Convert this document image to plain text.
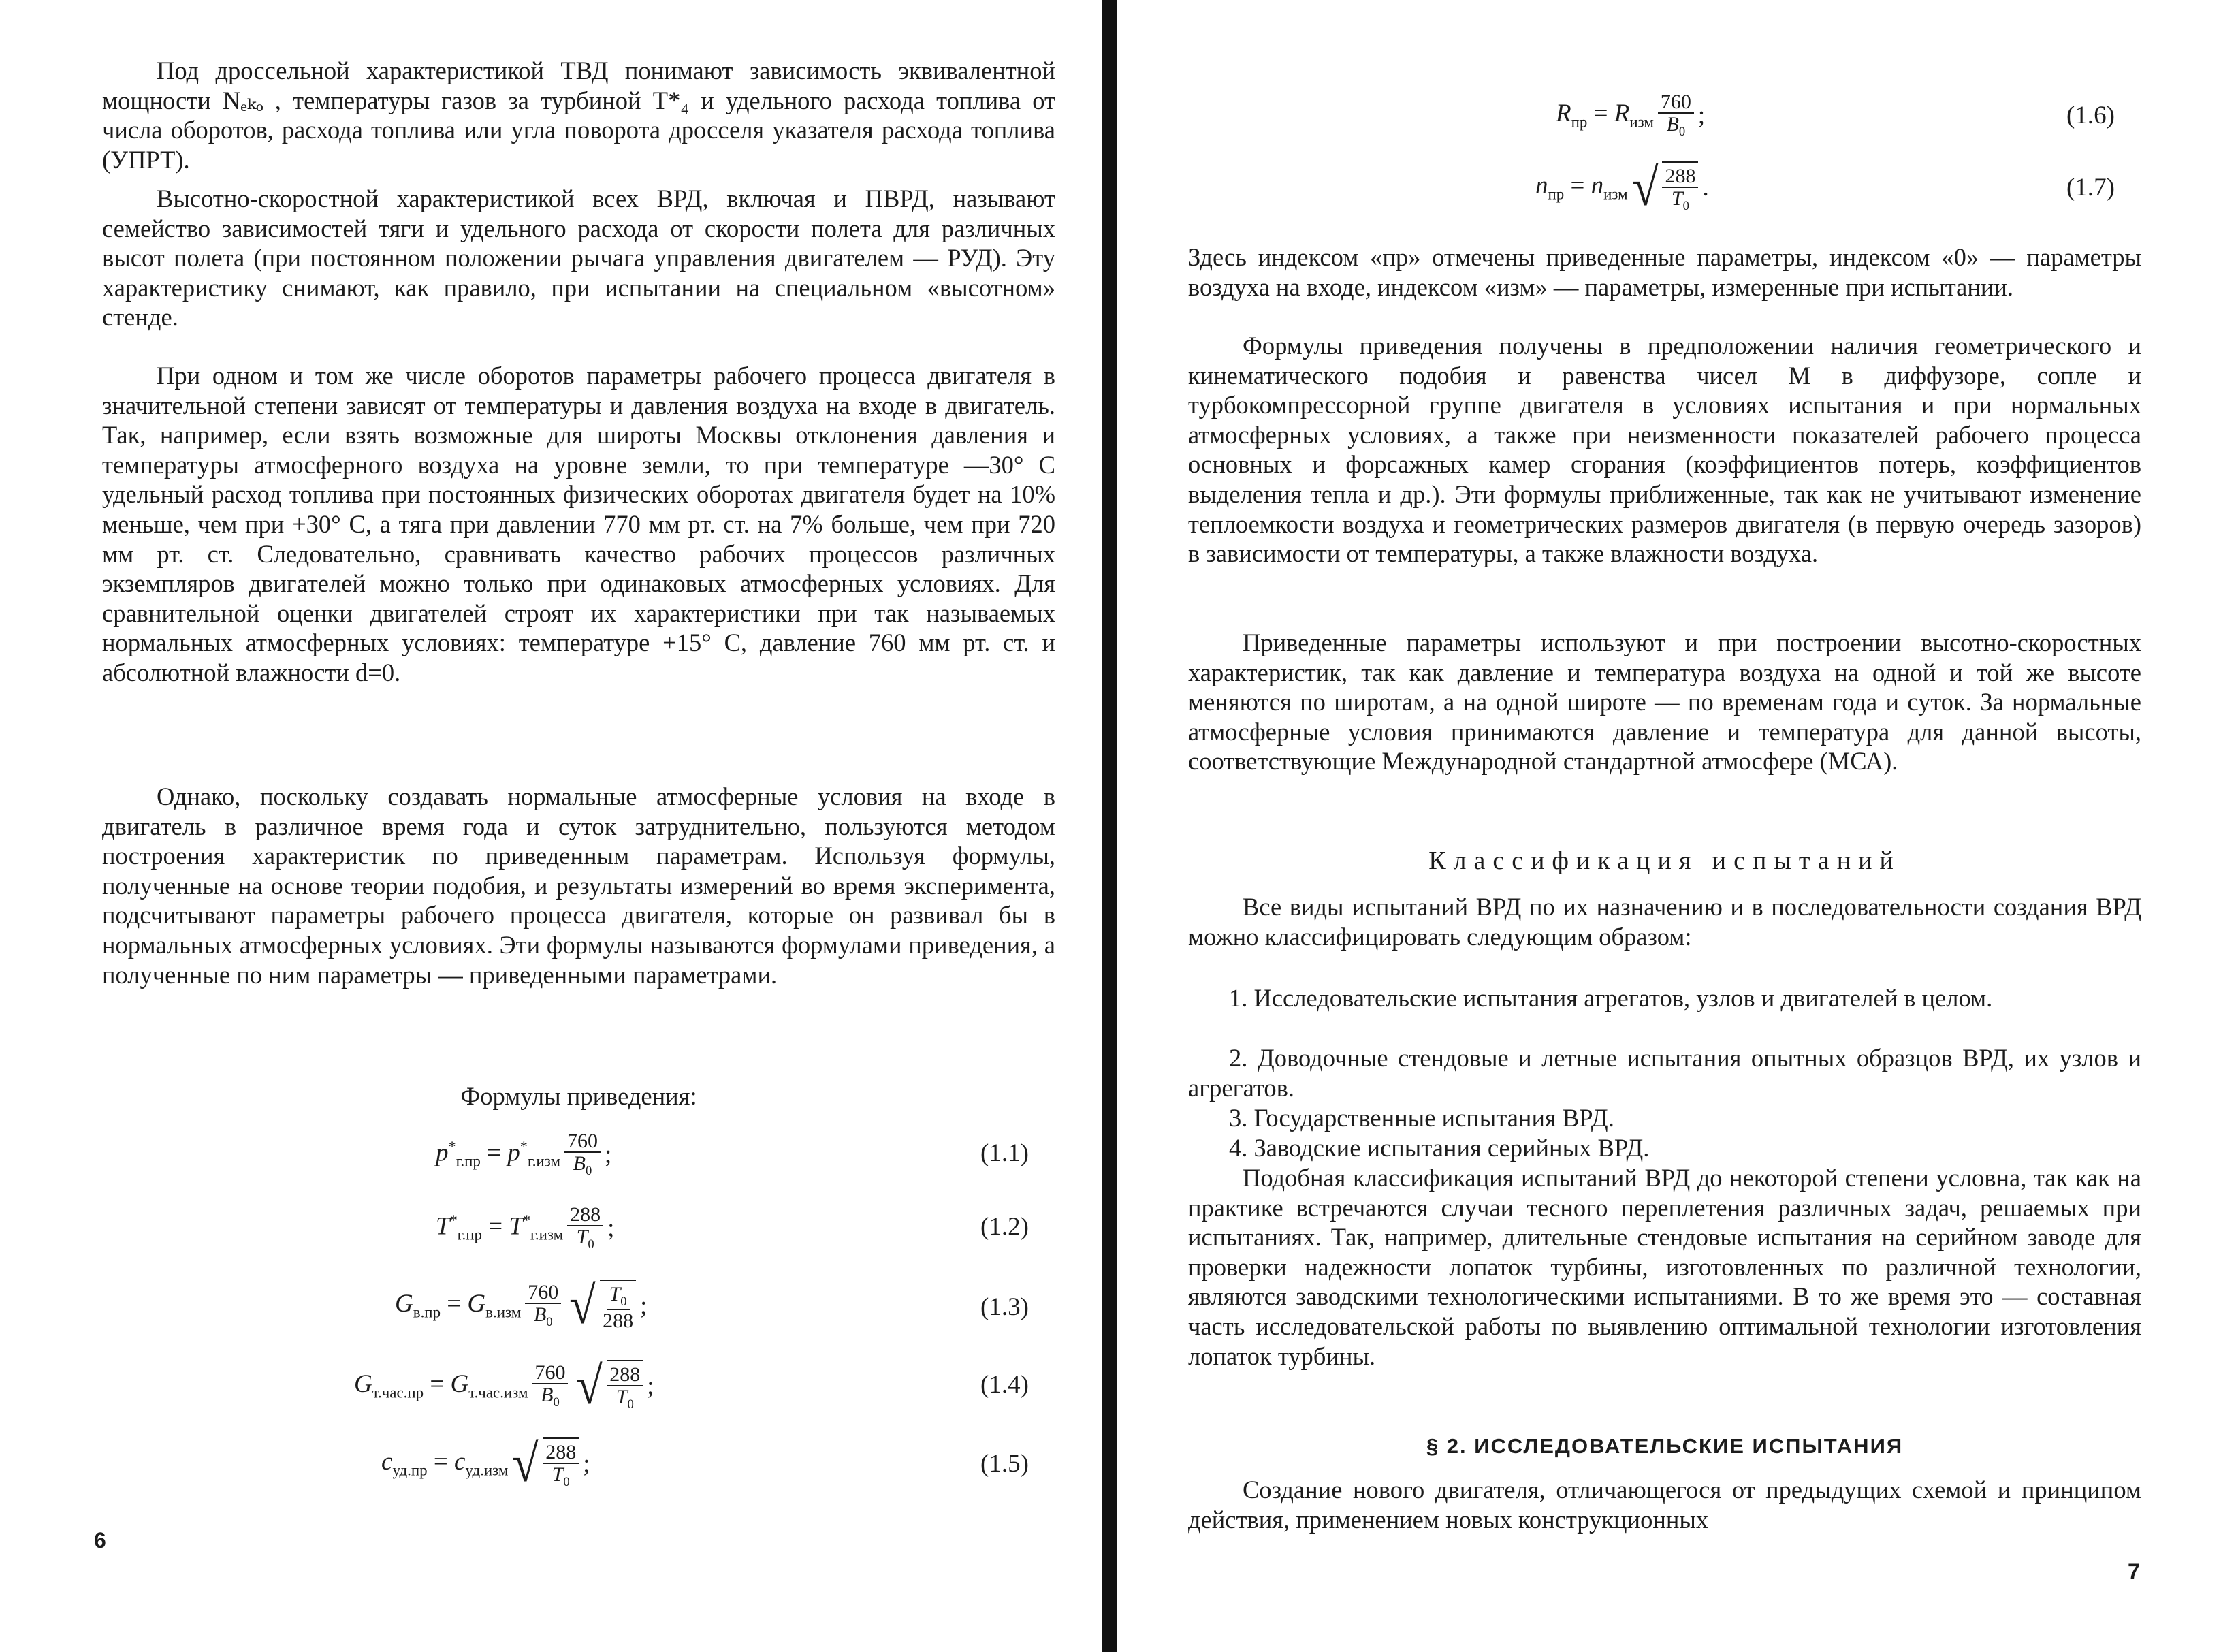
Под дроссельной характеристикой ТВД понимают зависимость эквивалентной мощности Nₑₖₒ , температуры газов за турбиной T*₄ и удельного расхода топлива от числа оборотов, расхода топлива или угла поворота дросселя указателя расхода топлива (УПРТ).

Высотно-скоростной характеристикой всех ВРД, включая и ПВРД, называют семейство зависимостей тяги и удельного расхода от скорости полета для различных высот полета (при постоянном положении рычага управления двигателем — РУД). Эту характеристику снимают, как правило, при испытании на специальном «высотном» стенде.

При одном и том же числе оборотов параметры рабочего процесса двигателя в значительной степени зависят от температуры и давления воздуха на входе в двигатель. Так, например, если взять возможные для широты Москвы отклонения давления и температуры атмосферного воздуха на уровне земли, то при температуре —30° С удельный расход топлива при постоянных физических оборотах двигателя будет на 10% меньше, чем при +30° С, а тяга при давлении 770 мм рт. ст. на 7% больше, чем при 720 мм рт. ст. Следовательно, сравнивать качество рабочих процессов различных экземпляров двигателей можно только при одинаковых атмосферных условиях. Для сравнительной оценки двигателей строят их характеристики при так называемых нормальных атмосферных условиях: температуре +15° С, давление 760 мм рт. ст. и абсолютной влажности d=0.

Однако, поскольку создавать нормальные атмосферные условия на входе в двигатель в различное время года и суток затруднительно, пользуются методом построения характеристик по приведенным параметрам. Используя формулы, полученные на основе теории подобия, и результаты измерений во время эксперимента, подсчитывают параметры рабочего процесса двигателя, которые он развивал бы в нормальных атмосферных условиях. Эти формулы называются формулами приведения, а полученные по ним параметры — приведенными параметрами.

Формулы приведения:

$p^*_{г.пр} = p^*_{г.изм} \frac{760}{B_0}$ ;	(1.1)
$T^*_{г.пр} = T^*_{г.изм} \frac{288}{T_0}$ ;	(1.2)
$G_{в.пр} = G_{в.изм} \frac{760}{B_0}$ √ $\frac{T_0}{288}$ ;	(1.3)
$G_{т.час.пр} = G_{т.час.изм} \frac{760}{B_0}$ √ $\frac{288}{T_0}$ ;	(1.4)
$c_{уд.пр} = c_{уд.изм}$ √ $\frac{288}{T_0}$ ;	(1.5)
6
$R_{пр} = R_{изм} \frac{760}{B_0}$ ;	(1.6)
$n_{пр} = n_{изм}$ √ $\frac{288}{T_0}$ .	(1.7)

Здесь индексом «пр» отмечены приведенные параметры, индексом «0» — параметры воздуха на входе, индексом «изм» — параметры, измеренные при испытании.

Формулы приведения получены в предположении наличия геометрического и кинематического подобия и равенства чисел М в диффузоре, сопле и турбокомпрессорной группе двигателя в условиях испытания и при нормальных атмосферных условиях, а также при неизменности показателей рабочего процесса основных и форсажных камер сгорания (коэффициентов потерь, коэффициентов выделения тепла и др.). Эти формулы приближенные, так как не учитывают изменение теплоемкости воздуха и геометрических размеров двигателя (в первую очередь зазоров) в зависимости от температуры, а также влажности воздуха.

Приведенные параметры используют и при построении высотно-скоростных характеристик, так как давление и температура воздуха на одной и той же высоте меняются по широтам, а на одной широте — по временам года и суток. За нормальные атмосферные условия принимаются давление и температура для данной высоты, соответствующие Международной стандартной атмосфере (МСА).

Классификация испытаний

Все виды испытаний ВРД по их назначению и в последовательности создания ВРД можно классифицировать следующим образом:

1. Исследовательские испытания агрегатов, узлов и двигателей в целом.

2. Доводочные стендовые и летные испытания опытных образцов ВРД, их узлов и агрегатов.

3. Государственные испытания ВРД.

4. Заводские испытания серийных ВРД.

Подобная классификация испытаний ВРД до некоторой степени условна, так как на практике встречаются случаи тесного переплетения различных задач, решаемых при испытаниях. Так, например, длительные стендовые испытания на серийном заводе для проверки надежности лопаток турбины, изготовленных по различной технологии, являются заводскими технологическими испытаниями. В то же время это — составная часть исследовательской работы по выявлению оптимальной технологии изготовления лопаток турбины.

§ 2. ИССЛЕДОВАТЕЛЬСКИЕ ИСПЫТАНИЯ

Создание нового двигателя, отличающегося от предыдущих схемой и принципом действия, применением новых конструкционных

7
